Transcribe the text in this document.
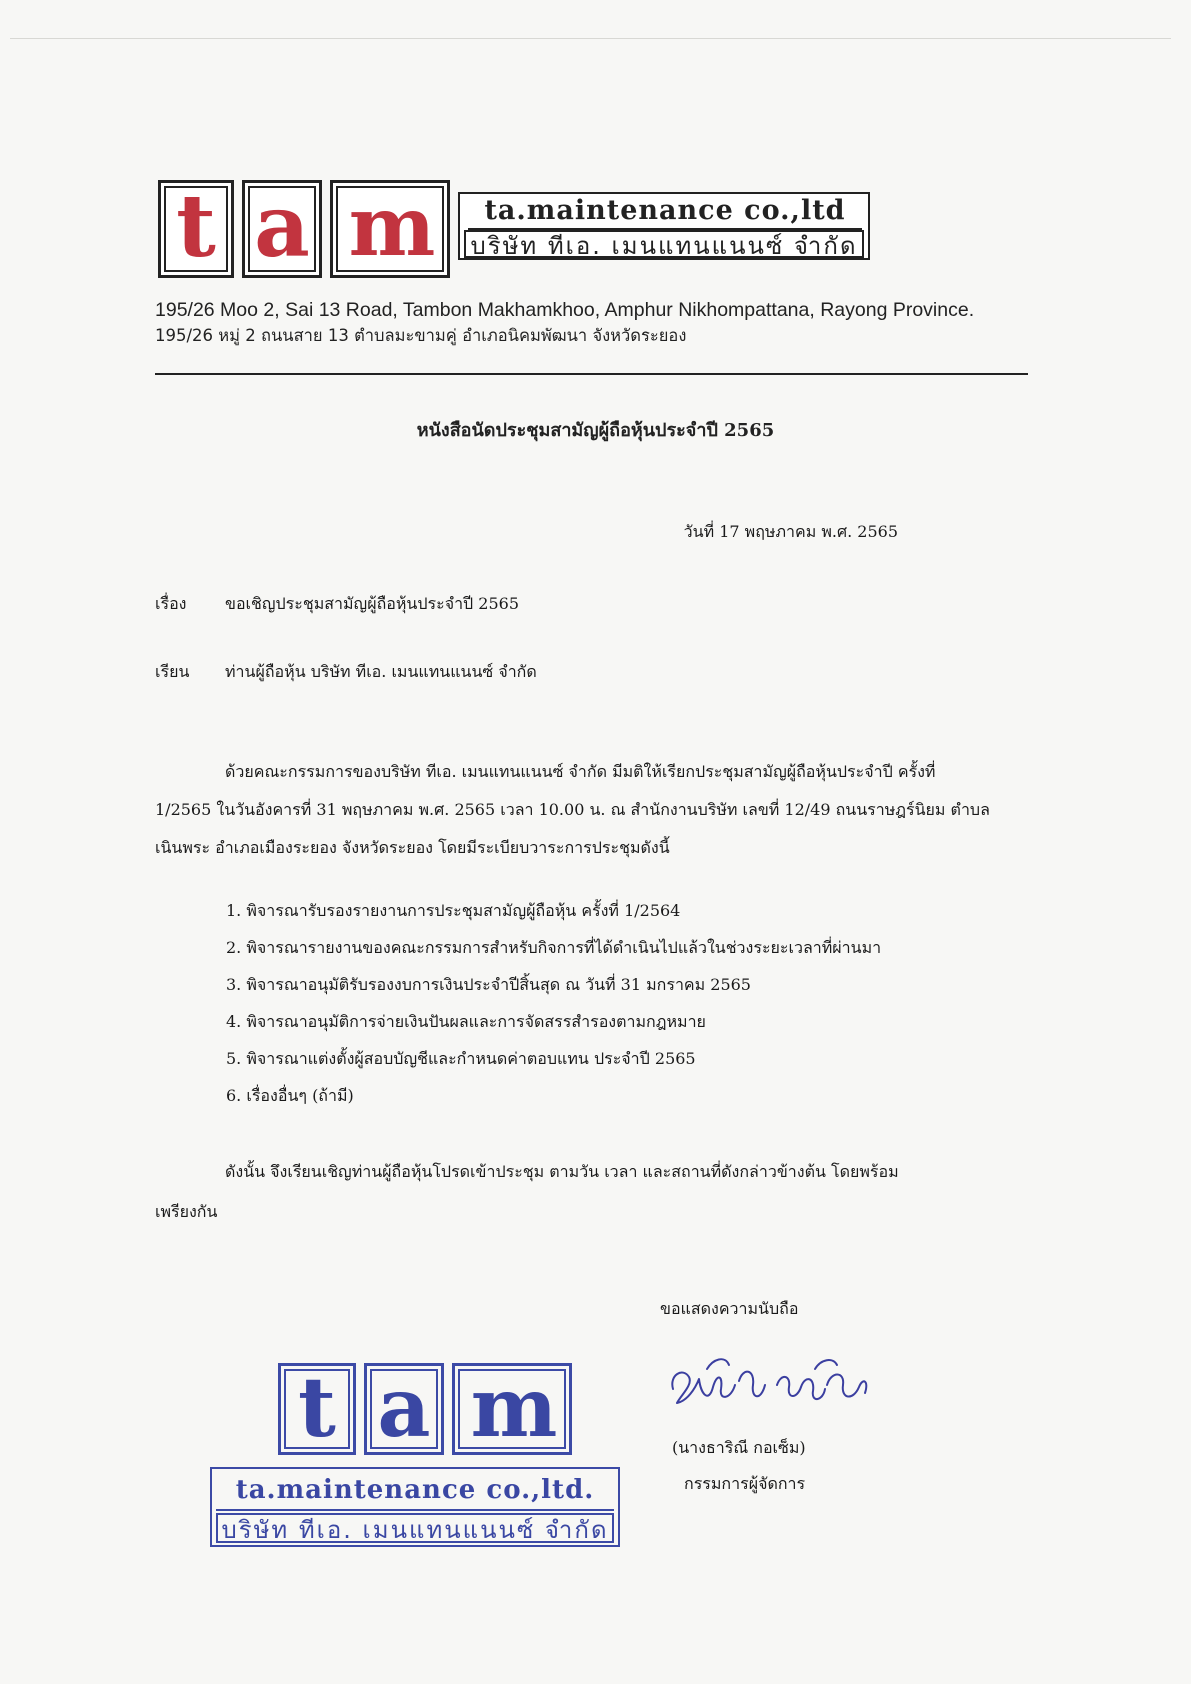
t a m	ta.maintenance co.,ltd
บริษัท ทีเอ. เมนแทนแนนซ์ จำกัด
195/26 Moo 2, Sai 13 Road, Tambon Makhamkhoo, Amphur Nikhompattana, Rayong Province.
195/26 หมู่ 2 ถนนสาย 13 ตำบลมะขามคู่ อำเภอนิคมพัฒนา จังหวัดระยอง
หนังสือนัดประชุมสามัญผู้ถือหุ้นประจำปี 2565
วันที่ 17 พฤษภาคม พ.ศ. 2565
เรื่อง ขอเชิญประชุมสามัญผู้ถือหุ้นประจำปี 2565
เรียน ท่านผู้ถือหุ้น บริษัท ทีเอ. เมนแทนแนนซ์ จำกัด
ด้วยคณะกรรมการของบริษัท ทีเอ. เมนแทนแนนซ์ จำกัด มีมติให้เรียกประชุมสามัญผู้ถือหุ้นประจำปี ครั้งที่
1/2565 ในวันอังคารที่ 31 พฤษภาคม พ.ศ. 2565 เวลา 10.00 น. ณ สำนักงานบริษัท เลขที่ 12/49 ถนนราษฎร์นิยม ตำบล
เนินพระ อำเภอเมืองระยอง จังหวัดระยอง โดยมีระเบียบวาระการประชุมดังนี้
1. พิจารณารับรองรายงานการประชุมสามัญผู้ถือหุ้น ครั้งที่ 1/2564
2. พิจารณารายงานของคณะกรรมการสำหรับกิจการที่ได้ดำเนินไปแล้วในช่วงระยะเวลาที่ผ่านมา
3. พิจารณาอนุมัติรับรองงบการเงินประจำปีสิ้นสุด ณ วันที่ 31 มกราคม 2565
4. พิจารณาอนุมัติการจ่ายเงินปันผลและการจัดสรรสำรองตามกฎหมาย
5. พิจารณาแต่งตั้งผู้สอบบัญชีและกำหนดค่าตอบแทน ประจำปี 2565
6. เรื่องอื่นๆ (ถ้ามี)
ดังนั้น จึงเรียนเชิญท่านผู้ถือหุ้นโปรดเข้าประชุม ตามวัน เวลา และสถานที่ดังกล่าวข้างต้น โดยพร้อม
เพรียงกัน
ขอแสดงความนับถือ
(นางธาริณี กอเซ็ม)
กรรมการผู้จัดการ
t a m
ta.maintenance co.,ltd.
บริษัท ทีเอ. เมนแทนแนนซ์ จำกัด
